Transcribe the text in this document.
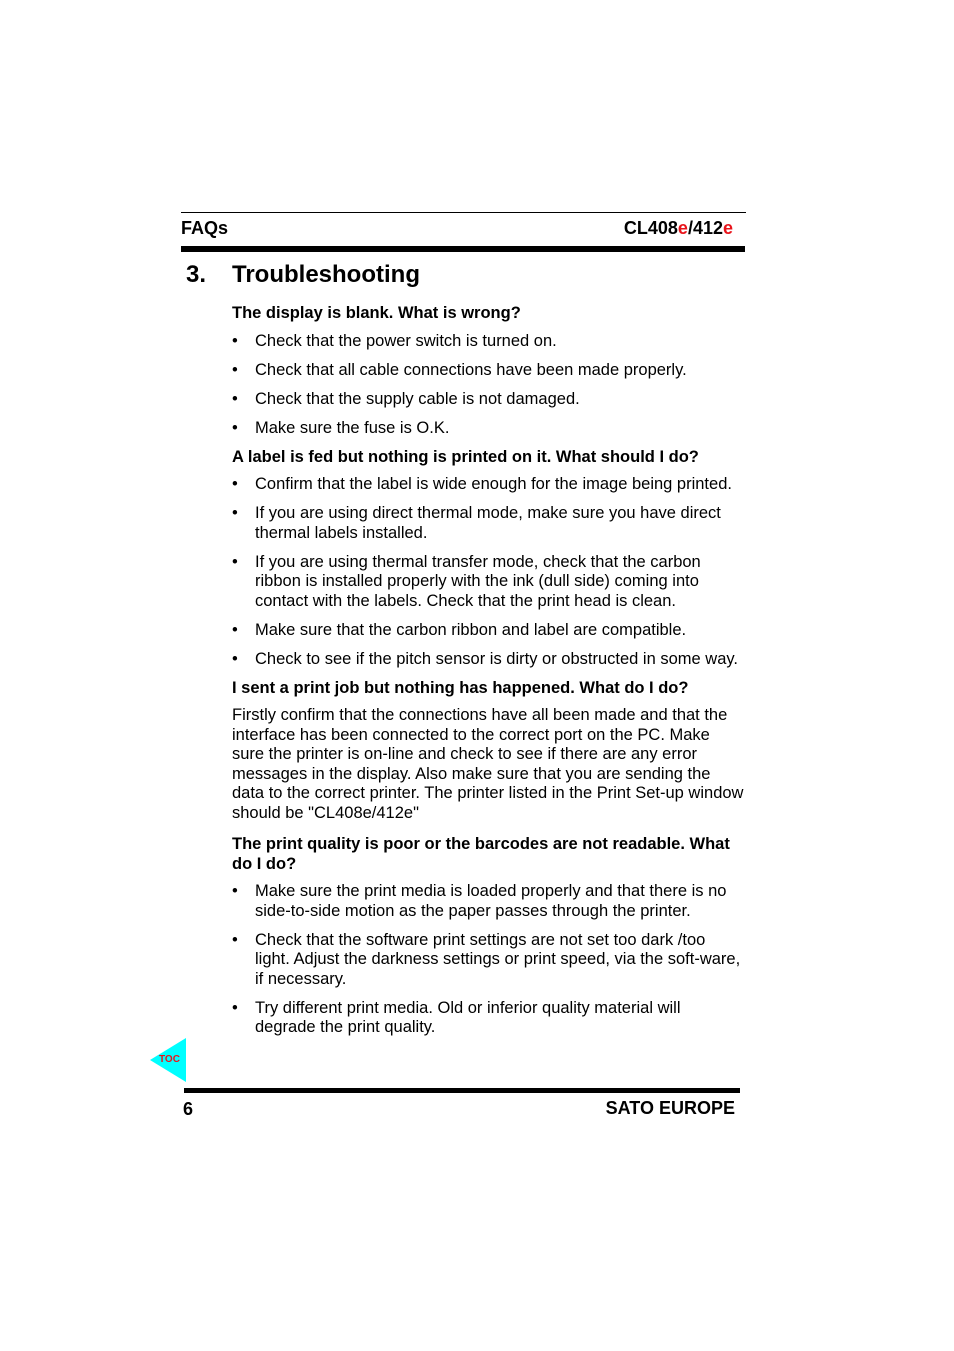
FAQs	CL408e/412e
3. Troubleshooting

The display is blank. What is wrong?

• Check that the power switch is turned on.
• Check that all cable connections have been made properly.
• Check that the supply cable is not damaged.
• Make sure the fuse is O.K.

A label is fed but nothing is printed on it. What should I do?

• Confirm that the label is wide enough for the image being printed.
• If you are using direct thermal mode, make sure you have direct thermal labels installed.
• If you are using thermal transfer mode, check that the carbon ribbon is installed properly with the ink (dull side) coming into contact with the labels. Check that the print head is clean.
• Make sure that the carbon ribbon and label are compatible.
• Check to see if the pitch sensor is dirty or obstructed in some way.

I sent a print job but nothing has happened. What do I do?

Firstly confirm that the connections have all been made and that the interface has been connected to the correct port on the PC. Make sure the printer is on-line and check to see if there are any error messages in the display. Also make sure that you are sending the data to the correct printer. The printer listed in the Print Set-up window should be "CL408e/412e"

The print quality is poor or the barcodes are not readable. What do I do?

• Make sure the print media is loaded properly and that there is no side-to-side motion as the paper passes through the printer.
• Check that the software print settings are not set too dark /too light. Adjust the darkness settings or print speed, via the soft-ware, if necessary.
• Try different print media. Old or inferior quality material will degrade the print quality.
TOC
6	SATO EUROPE
